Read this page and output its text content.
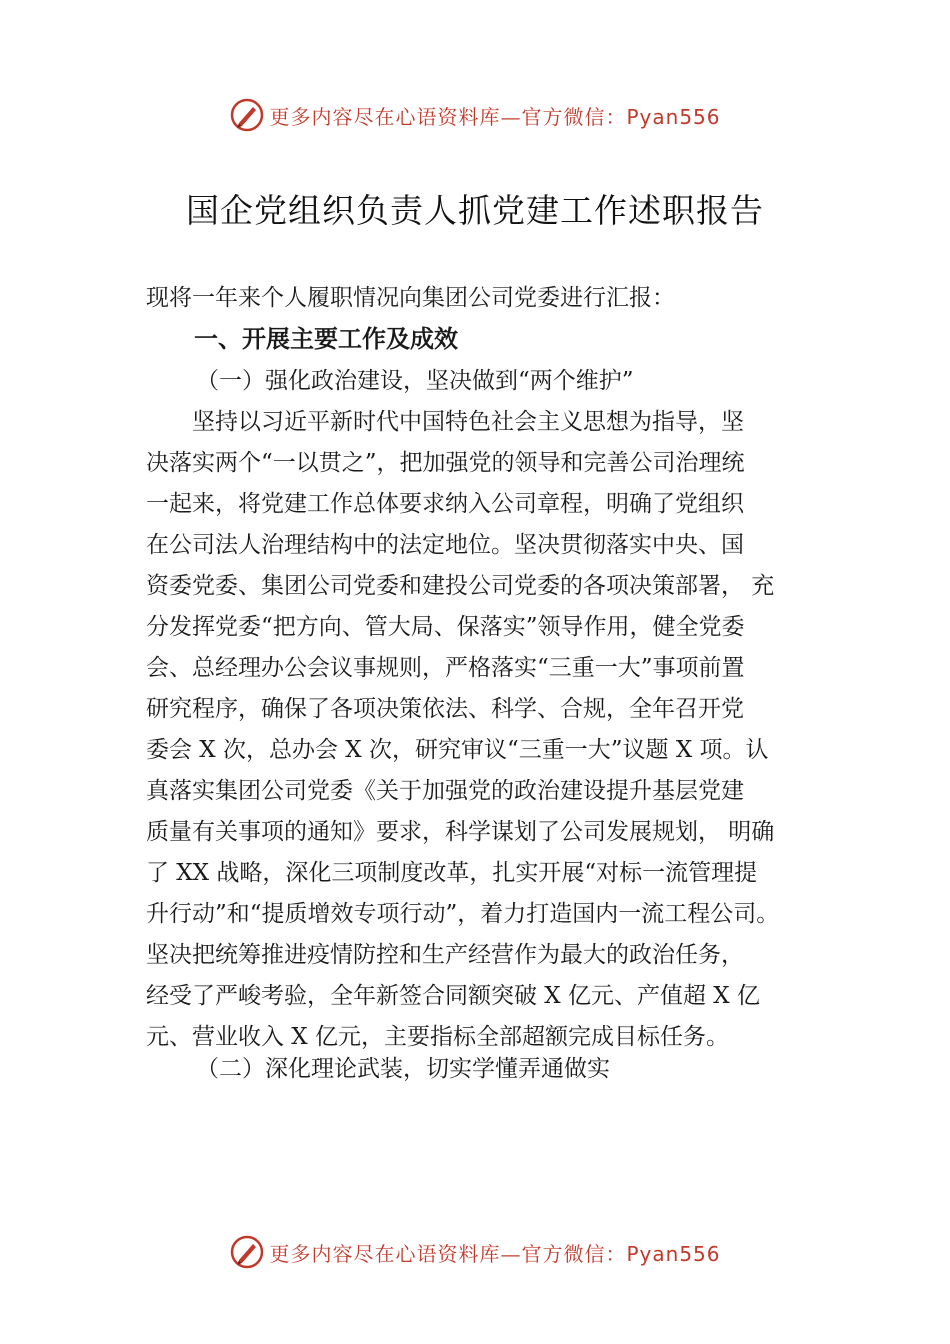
更多内容尽在心语资料库—官方微信：Pyan556
国企党组织负责人抓党建工作述职报告
现将一年来个人履职情况向集团公司党委进行汇报：
一、开展主要工作及成效
（一）强化政治建设，坚决做到“两个维护”
　　坚持以习近平新时代中国特色社会主义思想为指导，坚
决落实两个“一以贯之”，把加强党的领导和完善公司治理统
一起来，将党建工作总体要求纳入公司章程，明确了党组织
在公司法人治理结构中的法定地位。坚决贯彻落实中央、国
资委党委、集团公司党委和建投公司党委的各项决策部署， 充
分发挥党委“把方向、管大局、保落实”领导作用，健全党委
会、总经理办公会议事规则，严格落实“三重一大”事项前置
研究程序，确保了各项决策依法、科学、合规，全年召开党
委会 X 次，总办会 X 次，研究审议“三重一大”议题 X 项。认
真落实集团公司党委《关于加强党的政治建设提升基层党建
质量有关事项的通知》要求，科学谋划了公司发展规划， 明确
了 XX 战略，深化三项制度改革，扎实开展“对标一流管理提
升行动”和“提质增效专项行动”，着力打造国内一流工程公司。
坚决把统筹推进疫情防控和生产经营作为最大的政治任务，
经受了严峻考验，全年新签合同额突破 X 亿元、产值超 X 亿
元、营业收入 X 亿元，主要指标全部超额完成目标任务。
（二）深化理论武装，切实学懂弄通做实
更多内容尽在心语资料库—官方微信：Pyan556
